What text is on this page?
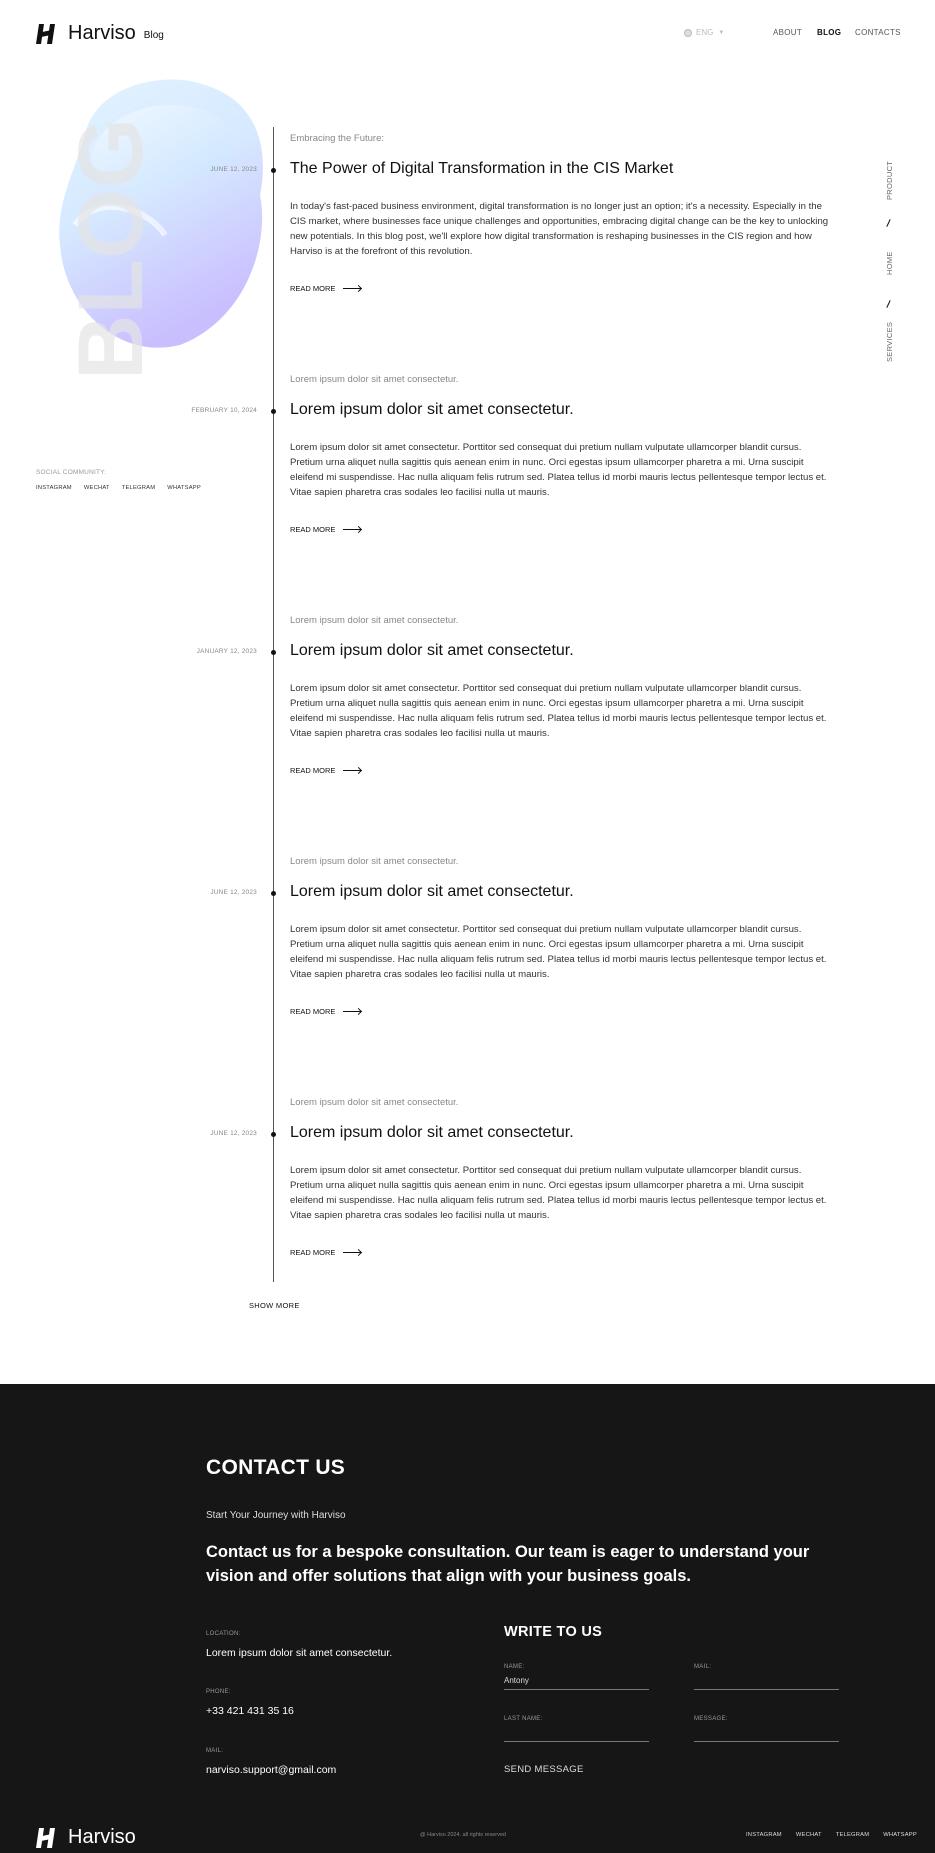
Harviso Blog	ENG ▼	ABOUT BLOG CONTACTS
BLOG	Embracing the Future:
JUNE 12, 2023 The Power of Digital Transformation in the CIS Market
In today's fast-paced business environment, digital transformation is no longer just an option; it's a necessity. Especially in the CIS market, where businesses face unique challenges and opportunities, embracing digital change can be the key to unlocking new potentials. In this blog post, we'll explore how digital transformation is reshaping businesses in the CIS region and how Harviso is at the forefront of this revolution.
READ MORE
Lorem ipsum dolor sit amet consectetur.
FEBRUARY 10, 2024 Lorem ipsum dolor sit amet consectetur.
Lorem ipsum dolor sit amet consectetur. Porttitor sed consequat dui pretium nullam vulputate ullamcorper blandit cursus. Pretium urna aliquet nulla sagittis quis aenean enim in nunc. Orci egestas ipsum ullamcorper pharetra a mi. Urna suscipit eleifend mi suspendisse. Hac nulla aliquam felis rutrum sed. Platea tellus id morbi mauris lectus pellentesque tempor lectus et. Vitae sapien pharetra cras sodales leo facilisi nulla ut mauris.
READ MORE
Lorem ipsum dolor sit amet consectetur.
JANUARY 12, 2023 Lorem ipsum dolor sit amet consectetur.
Lorem ipsum dolor sit amet consectetur. Porttitor sed consequat dui pretium nullam vulputate ullamcorper blandit cursus. Pretium urna aliquet nulla sagittis quis aenean enim in nunc. Orci egestas ipsum ullamcorper pharetra a mi. Urna suscipit eleifend mi suspendisse. Hac nulla aliquam felis rutrum sed. Platea tellus id morbi mauris lectus pellentesque tempor lectus et. Vitae sapien pharetra cras sodales leo facilisi nulla ut mauris.
READ MORE
Lorem ipsum dolor sit amet consectetur.
JUNE 12, 2023 Lorem ipsum dolor sit amet consectetur.
Lorem ipsum dolor sit amet consectetur. Porttitor sed consequat dui pretium nullam vulputate ullamcorper blandit cursus. Pretium urna aliquet nulla sagittis quis aenean enim in nunc. Orci egestas ipsum ullamcorper pharetra a mi. Urna suscipit eleifend mi suspendisse. Hac nulla aliquam felis rutrum sed. Platea tellus id morbi mauris lectus pellentesque tempor lectus et. Vitae sapien pharetra cras sodales leo facilisi nulla ut mauris.
READ MORE
Lorem ipsum dolor sit amet consectetur.
JUNE 12, 2023 Lorem ipsum dolor sit amet consectetur.
Lorem ipsum dolor sit amet consectetur. Porttitor sed consequat dui pretium nullam vulputate ullamcorper blandit cursus. Pretium urna aliquet nulla sagittis quis aenean enim in nunc. Orci egestas ipsum ullamcorper pharetra a mi. Urna suscipit eleifend mi suspendisse. Hac nulla aliquam felis rutrum sed. Platea tellus id morbi mauris lectus pellentesque tempor lectus et. Vitae sapien pharetra cras sodales leo facilisi nulla ut mauris.
READ MORE
SOCIAL COMMUNITY:
INSTAGRAM WECHAT TELEGRAM WHATSAPP
PRODUCT
HOME
SERVICES
SHOW MORE
CONTACT US
Start Your Journey with Harviso
Contact us for a bespoke consultation. Our team is eager to understand your vision and offer solutions that align with your business goals.
LOCATION:
Lorem ipsum dolor sit amet consectetur.
PHONE:
+33 421 431 35 16
MAIL:
narviso.support@gmail.com
WRITE TO US
NAME:
Antony
MAIL:
LAST NAME:	MESSAGE:
SEND MESSAGE
Harviso	@ Harviso 2024. all rights reserved	INSTAGRAM WECHAT TELEGRAM WHATSAPP
